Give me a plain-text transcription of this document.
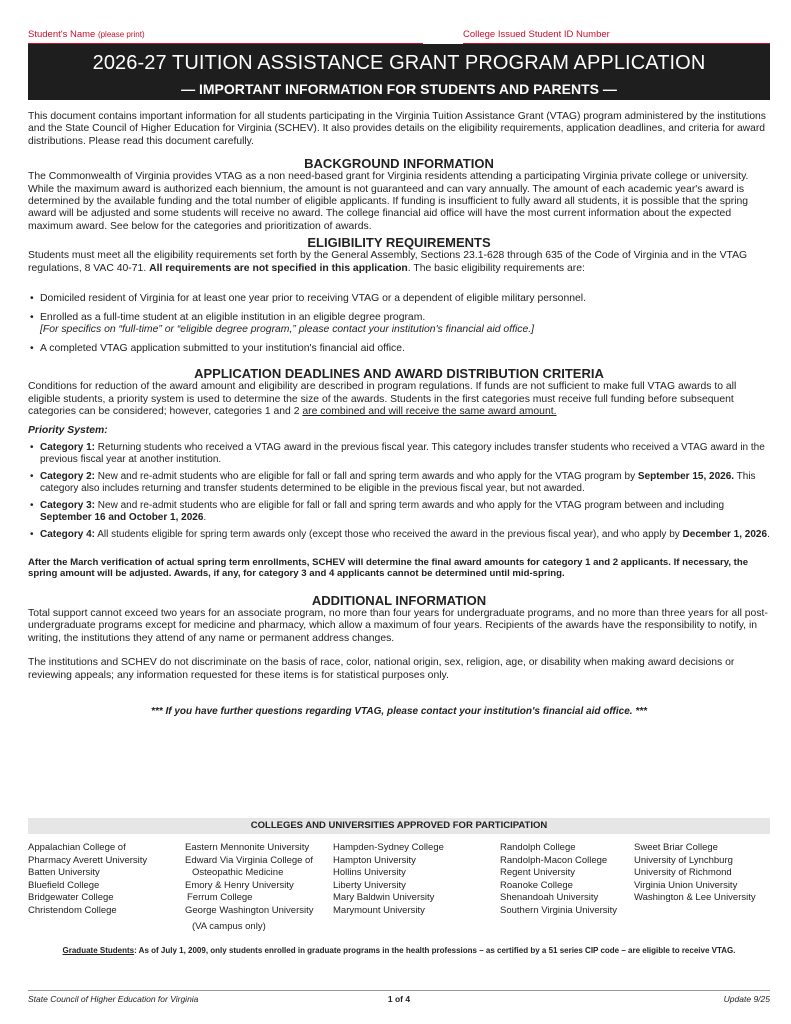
Student's Name (please print)	College Issued Student ID Number
2026-27 TUITION ASSISTANCE GRANT PROGRAM APPLICATION
— IMPORTANT INFORMATION FOR STUDENTS AND PARENTS —

This document contains important information for all students participating in the Virginia Tuition Assistance Grant (VTAG) program administered by the institutions and the State Council of Higher Education for Virginia (SCHEV). It also provides details on the eligibility requirements, application deadlines, and criteria for award distributions. Please read this document carefully.

BACKGROUND INFORMATION

The Commonwealth of Virginia provides VTAG as a non need-based grant for Virginia residents attending a participating Virginia private college or university. While the maximum award is authorized each biennium, the amount is not guaranteed and can vary annually. The amount of each academic year's award is determined by the available funding and the total number of eligible applicants. If funding is insufficient to fully award all students, it is possible that the spring award will be adjusted and some students will receive no award. The college financial aid office will have the most current information about the expected maximum award. See below for the categories and prioritization of awards.

ELIGIBILITY REQUIREMENTS

Students must meet all the eligibility requirements set forth by the General Assembly, Sections 23.1-628 through 635 of the Code of Virginia and in the VTAG regulations, 8 VAC 40-71. All requirements are not specified in this application. The basic eligibility requirements are:

• Domiciled resident of Virginia for at least one year prior to receiving VTAG or a dependent of eligible military personnel.
• Enrolled as a full-time student at an eligible institution in an eligible degree program.
[For specifics on “full-time” or “eligible degree program,” please contact your institution's financial aid office.]
• A completed VTAG application submitted to your institution's financial aid office.
APPLICATION DEADLINES AND AWARD DISTRIBUTION CRITERIA

Conditions for reduction of the award amount and eligibility are described in program regulations. If funds are not sufficient to make full VTAG awards to all eligible students, a priority system is used to determine the size of the awards. Students in the first categories must receive full funding before subsequent categories can be considered; however, categories 1 and 2 are combined and will receive the same award amount.

Priority System:

• Category 1: Returning students who received a VTAG award in the previous fiscal year. This category includes transfer students who received a VTAG award in the previous fiscal year at another institution.
• Category 2: New and re-admit students who are eligible for fall or fall and spring term awards and who apply for the VTAG program by September 15, 2026. This category also includes returning and transfer students determined to be eligible in the previous fiscal year, but not awarded.
• Category 3: New and re-admit students who are eligible for fall or fall and spring term awards and who apply for the VTAG program between and including September 16 and October 1, 2026.
• Category 4: All students eligible for spring term awards only (except those who received the award in the previous fiscal year), and who apply by December 1, 2026.

After the March verification of actual spring term enrollments, SCHEV will determine the final award amounts for category 1 and 2 applicants. If necessary, the spring amount will be adjusted. Awards, if any, for category 3 and 4 applicants cannot be determined until mid-spring.

ADDITIONAL INFORMATION

Total support cannot exceed two years for an associate program, no more than four years for undergraduate programs, and no more than three years for all post-undergraduate programs except for medicine and pharmacy, which allow a maximum of four years. Recipients of the awards have the responsibility to notify, in writing, the institutions they attend of any name or permanent address changes.

The institutions and SCHEV do not discriminate on the basis of race, color, national origin, sex, religion, age, or disability when making award decisions or reviewing appeals; any information requested for these items is for statistical purposes only.

*** If you have further questions regarding VTAG, please contact your institution's financial aid office. ***

COLLEGES AND UNIVERSITIES APPROVED FOR PARTICIPATION
Appalachian College of
Pharmacy Averett University
Batten University
Bluefield College
Bridgewater College
Christendom College
Eastern Mennonite University
Edward Via Virginia College of
Osteopathic Medicine
Emory & Henry University
Ferrum College
George Washington University
(VA campus only)
Hampden-Sydney College
Hampton University
Hollins University
Liberty University
Mary Baldwin University
Marymount University
Randolph College
Randolph-Macon College
Regent University
Roanoke College
Shenandoah University
Southern Virginia University
Sweet Briar College
University of Lynchburg
University of Richmond
Virginia Union University
Washington & Lee University
Graduate Students: As of July 1, 2009, only students enrolled in graduate programs in the health professions – as certified by a 51 series CIP code – are eligible to receive VTAG.
State Council of Higher Education for Virginia	1 of 4	Update 9/25
